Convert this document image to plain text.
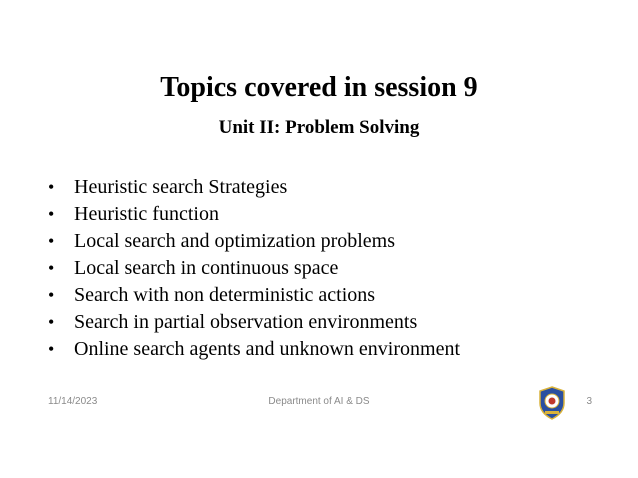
Topics covered in session 9
Unit II: Problem Solving
• Heuristic search Strategies
• Heuristic function
• Local search and optimization problems
• Local search in continuous space
• Search with non deterministic actions
• Search in partial observation environments
• Online search agents and unknown environment
11/14/2023	Department of AI & DS	3
